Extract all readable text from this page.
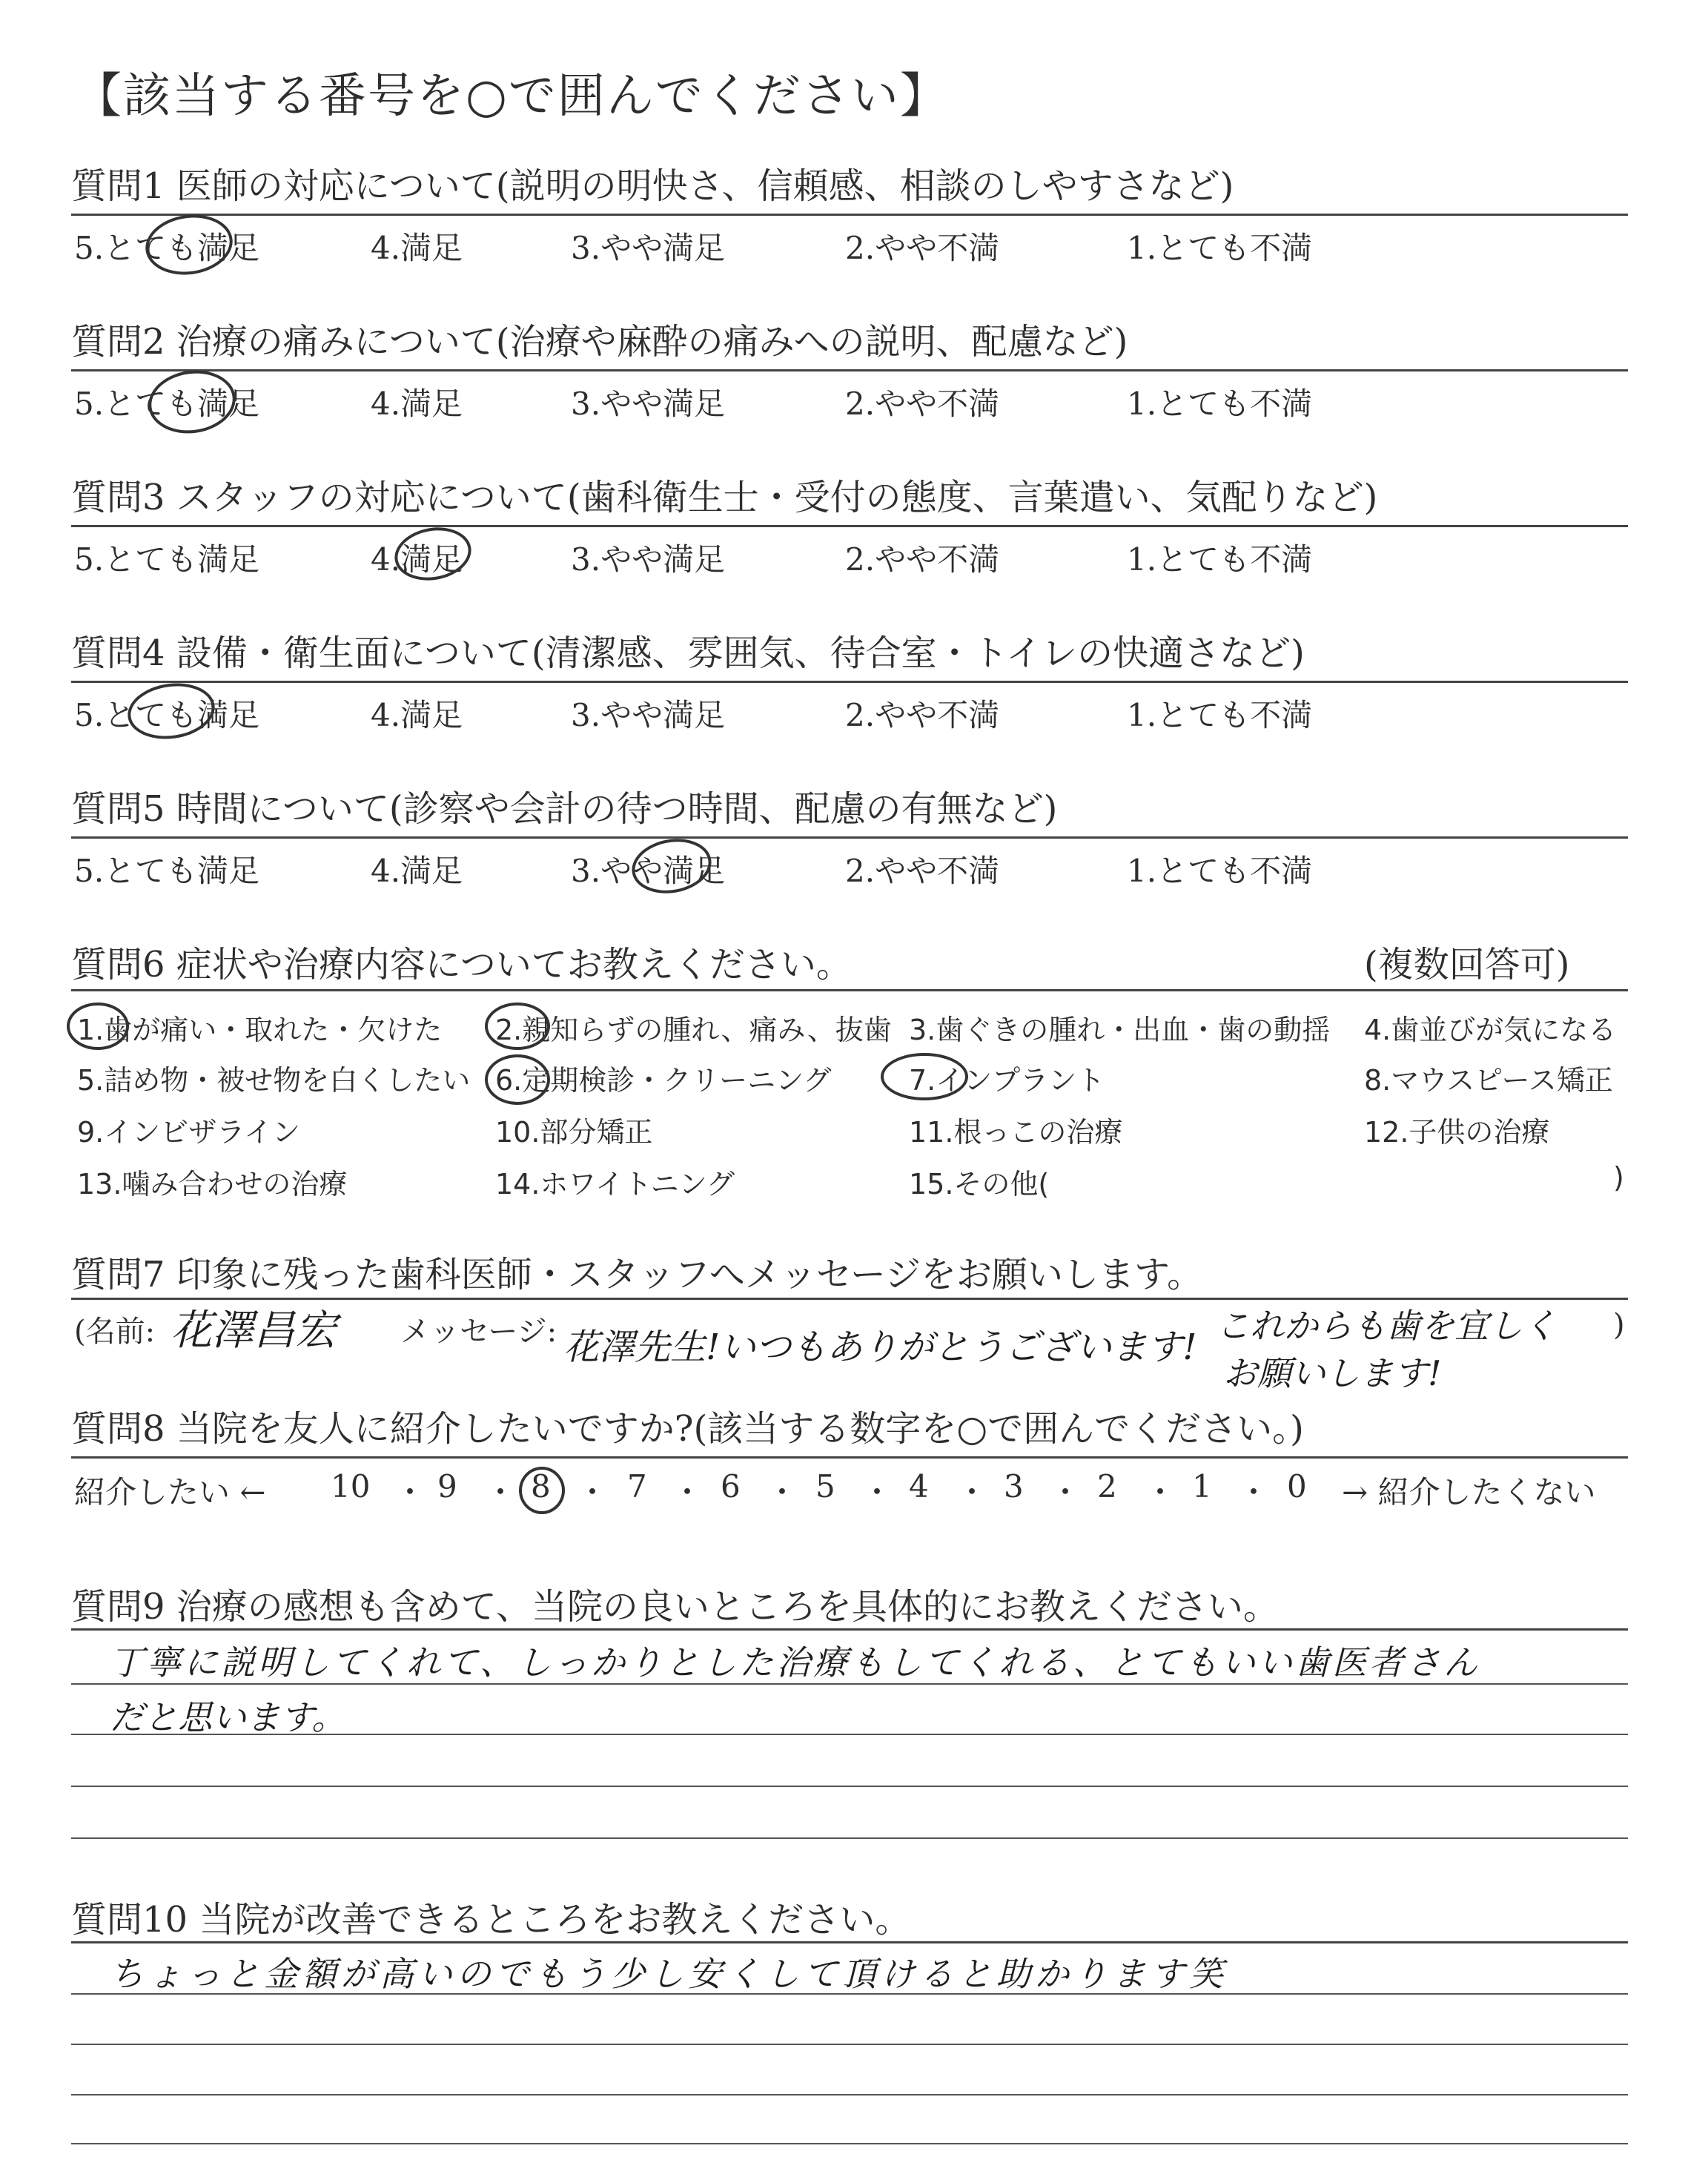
【該当する番号を○で囲んでください】
質問1 医師の対応について(説明の明快さ、信頼感、相談のしやすさなど)
5.とても満足	4.満足	3.やや満足	2.やや不満	1.とても不満
質問2 治療の痛みについて(治療や麻酔の痛みへの説明、配慮など)
5.とても満足	4.満足	3.やや満足	2.やや不満	1.とても不満
質問3 スタッフの対応について(歯科衛生士・受付の態度、言葉遣い、気配りなど)
5.とても満足	4.満足	3.やや満足	2.やや不満	1.とても不満
質問4 設備・衛生面について(清潔感、雰囲気、待合室・トイレの快適さなど)
5.とても満足	4.満足	3.やや満足	2.やや不満	1.とても不満
質問5 時間について(診察や会計の待つ時間、配慮の有無など)
5.とても満足	4.満足	3.やや満足	2.やや不満	1.とても不満
質問6 症状や治療内容についてお教えください。	(複数回答可)
1.歯が痛い・取れた・欠けた 2.親知らずの腫れ、痛み、抜歯 3.歯ぐきの腫れ・出血・歯の動揺 4.歯並びが気になる
5.詰め物・被せ物を白くしたい 6.定期検診・クリーニング	7.インプラント	8.マウスピース矯正
9.インビザライン	10.部分矯正	11.根っこの治療	12.子供の治療
13.噛み合わせの治療	14.ホワイトニング	15.その他(	)
質問7 印象に残った歯科医師・スタッフへメッセージをお願いします。
(名前: 花澤昌宏 メッセージ: 花澤先生!いつもありがとうございます!
これからも歯を宜しく
お願いします!
)
質問8 当院を友人に紹介したいですか?(該当する数字を○で囲んでください。)
紹介したい ← 10 ・ 9 ・ 8 ・ 7 ・ 6 ・ 5 ・ 4 ・ 3 ・ 2 ・ 1 ・ 0 → 紹介したくない
質問9 治療の感想も含めて、当院の良いところを具体的にお教えください。
丁寧に説明してくれて、しっかりとした治療もしてくれる、とてもいい歯医者さん
だと思います。
質問10 当院が改善できるところをお教えください。
ちょっと金額が高いのでもう少し安くして頂けると助かります笑
